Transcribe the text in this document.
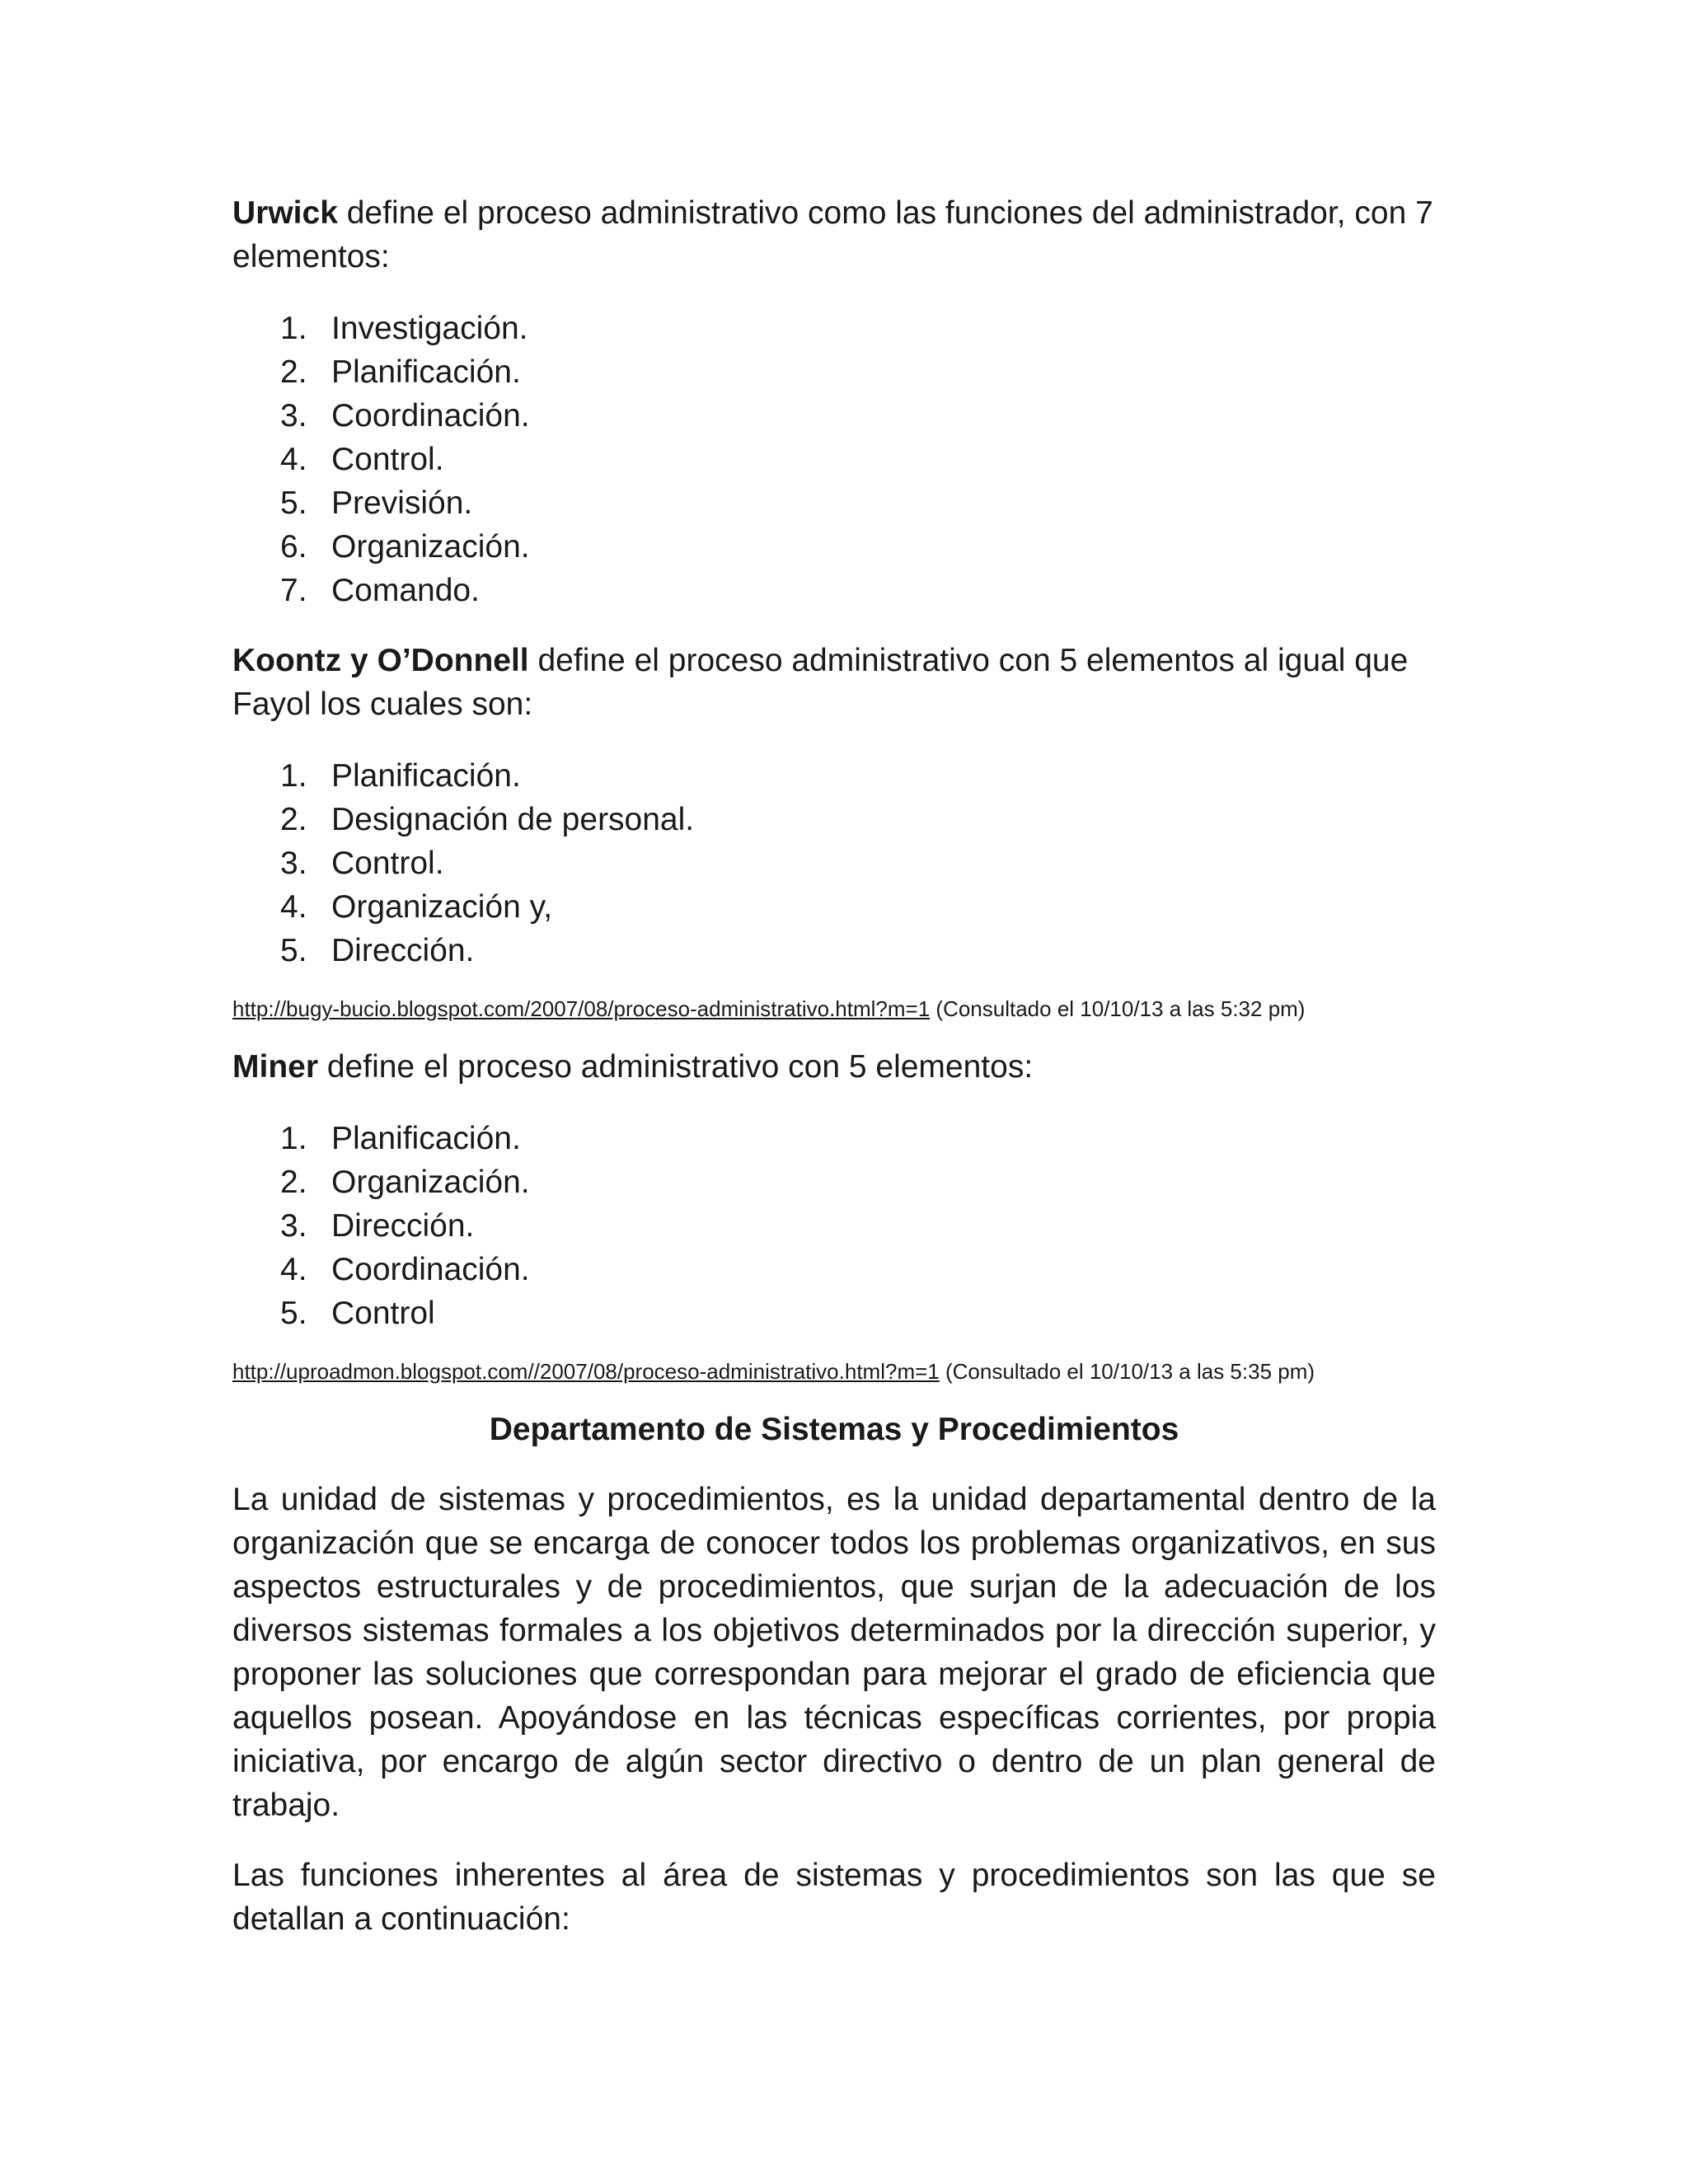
Urwick define el proceso administrativo como las funciones del administrador, con 7 elementos:

1. Investigación.
2. Planificación.
3. Coordinación.
4. Control.
5. Previsión.
6. Organización.
7. Comando.

Koontz y O’Donnell define el proceso administrativo con 5 elementos al igual que Fayol los cuales son:

1. Planificación.
2. Designación de personal.
3. Control.
4. Organización y,
5. Dirección.

http://bugy-bucio.blogspot.com/2007/08/proceso-administrativo.html?m=1 (Consultado el 10/10/13 a las 5:32 pm)

Miner define el proceso administrativo con 5 elementos:

1. Planificación.
2. Organización.
3. Dirección.
4. Coordinación.
5. Control

http://uproadmon.blogspot.com//2007/08/proceso-administrativo.html?m=1 (Consultado el 10/10/13 a las 5:35 pm)

Departamento de Sistemas y Procedimientos

La unidad de sistemas y procedimientos, es la unidad departamental dentro de la organización que se encarga de conocer todos los problemas organizativos, en sus aspectos estructurales y de procedimientos, que surjan de la adecuación de los diversos sistemas formales a los objetivos determinados por la dirección superior, y proponer las soluciones que correspondan para mejorar el grado de eficiencia que aquellos posean. Apoyándose en las técnicas específicas corrientes, por propia iniciativa, por encargo de algún sector directivo o dentro de un plan general de trabajo.

Las funciones inherentes al área de sistemas y procedimientos son las que se detallan a continuación:
